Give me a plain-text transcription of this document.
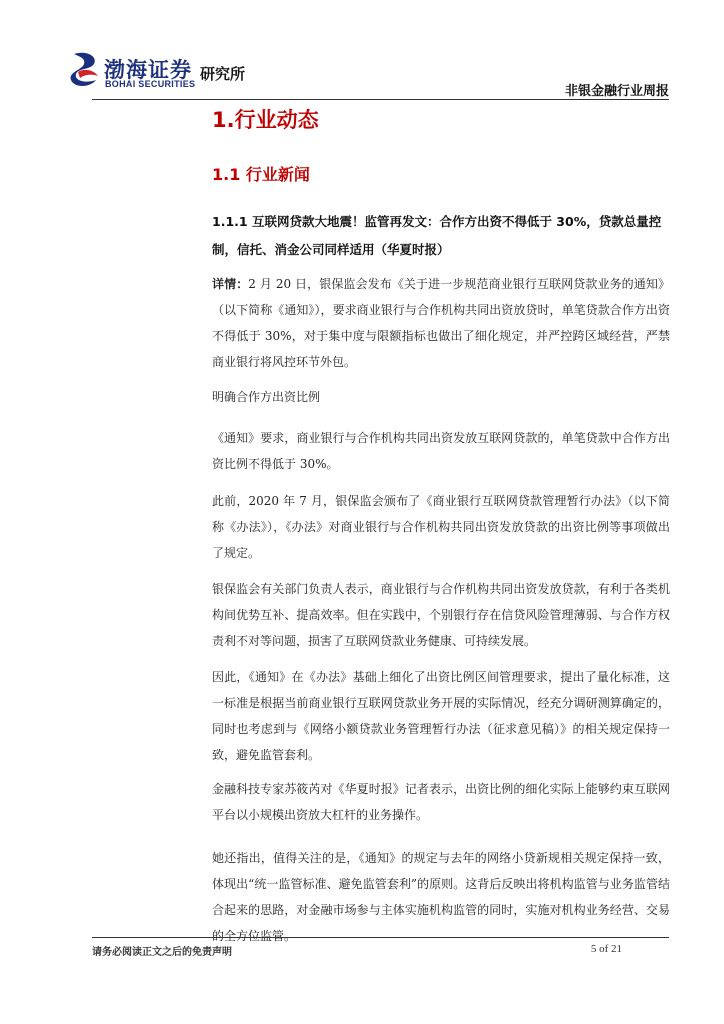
渤海证券
BOHAI SECURITIES
研究所
非银金融行业周报
1.行业动态
1.1 行业新闻
1.1.1 互联网贷款大地震！监管再发文：合作方出资不得低于 30%，贷款总量控制，信托、消金公司同样适用（华夏时报）
详情：2 月 20 日，银保监会发布《关于进一步规范商业银行互联网贷款业务的通知》（以下简称《通知》），要求商业银行与合作机构共同出资放贷时，单笔贷款合作方出资不得低于 30%，对于集中度与限额指标也做出了细化规定，并严控跨区域经营，严禁商业银行将风控环节外包。
明确合作方出资比例
《通知》要求，商业银行与合作机构共同出资发放互联网贷款的，单笔贷款中合作方出资比例不得低于 30%。
此前，2020 年 7 月，银保监会颁布了《商业银行互联网贷款管理暂行办法》（以下简称《办法》），《办法》对商业银行与合作机构共同出资发放贷款的出资比例等事项做出了规定。
银保监会有关部门负责人表示，商业银行与合作机构共同出资发放贷款，有利于各类机构间优势互补、提高效率。但在实践中，个别银行存在信贷风险管理薄弱、与合作方权责利不对等问题，损害了互联网贷款业务健康、可持续发展。
因此，《通知》在《办法》基础上细化了出资比例区间管理要求，提出了量化标准，这一标准是根据当前商业银行互联网贷款业务开展的实际情况，经充分调研测算确定的，同时也考虑到与《网络小额贷款业务管理暂行办法（征求意见稿）》的相关规定保持一致，避免监管套利。
金融科技专家苏筱芮对《华夏时报》记者表示，出资比例的细化实际上能够约束互联网平台以小规模出资放大杠杆的业务操作。
她还指出，值得关注的是，《通知》的规定与去年的网络小贷新规相关规定保持一致，体现出“统一监管标准、避免监管套利”的原则。这背后反映出将机构监管与业务监管结合起来的思路，对金融市场参与主体实施机构监管的同时，实施对机构业务经营、交易的全方位监管。
请务必阅读正文之后的免责声明	5 of 21
